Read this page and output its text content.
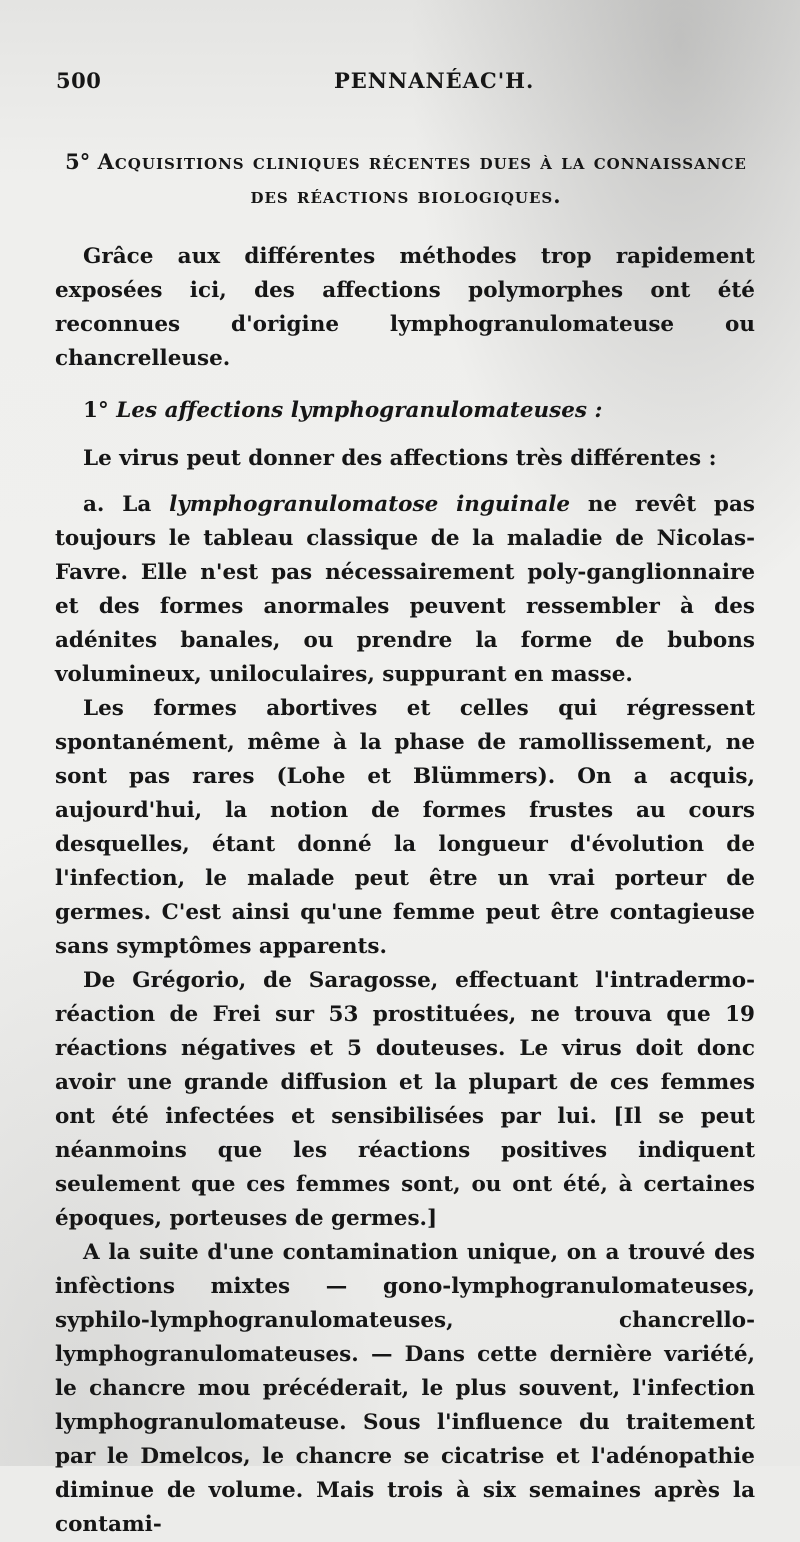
500	PENNANÉAC'H.
5° Acquisitions cliniques récentes dues à la connaissance
des réactions biologiques.

Grâce aux différentes méthodes trop rapidement exposées ici, des affections polymorphes ont été reconnues d'origine lymphogranulomateuse ou chancrelleuse.

1° Les affections lymphogranulomateuses :

Le virus peut donner des affections très différentes :

a. La lymphogranulomatose inguinale ne revêt pas toujours le tableau classique de la maladie de Nicolas-Favre. Elle n'est pas nécessairement poly-ganglionnaire et des formes anormales peuvent ressembler à des adénites banales, ou prendre la forme de bubons volumineux, uniloculaires, suppurant en masse.

Les formes abortives et celles qui régressent spontanément, même à la phase de ramollissement, ne sont pas rares (Lohe et Blümmers). On a acquis, aujourd'hui, la notion de formes frustes au cours desquelles, étant donné la longueur d'évolution de l'infection, le malade peut être un vrai porteur de germes. C'est ainsi qu'une femme peut être contagieuse sans symptômes apparents.

De Grégorio, de Saragosse, effectuant l'intradermo-réaction de Frei sur 53 prostituées, ne trouva que 19 réactions négatives et 5 douteuses. Le virus doit donc avoir une grande diffusion et la plupart de ces femmes ont été infectées et sensibilisées par lui. [Il se peut néanmoins que les réactions positives indiquent seulement que ces femmes sont, ou ont été, à certaines époques, porteuses de germes.]

A la suite d'une contamination unique, on a trouvé des infèctions mixtes — gono-lymphogranulomateuses, syphilo-lymphogranulomateuses, chancrello-lymphogranulomateuses. — Dans cette dernière variété, le chancre mou précéderait, le plus souvent, l'infection lymphogranulomateuse. Sous l'influence du traitement par le Dmelcos, le chancre se cicatrise et l'adénopathie diminue de volume. Mais trois à six semaines après la contami-
